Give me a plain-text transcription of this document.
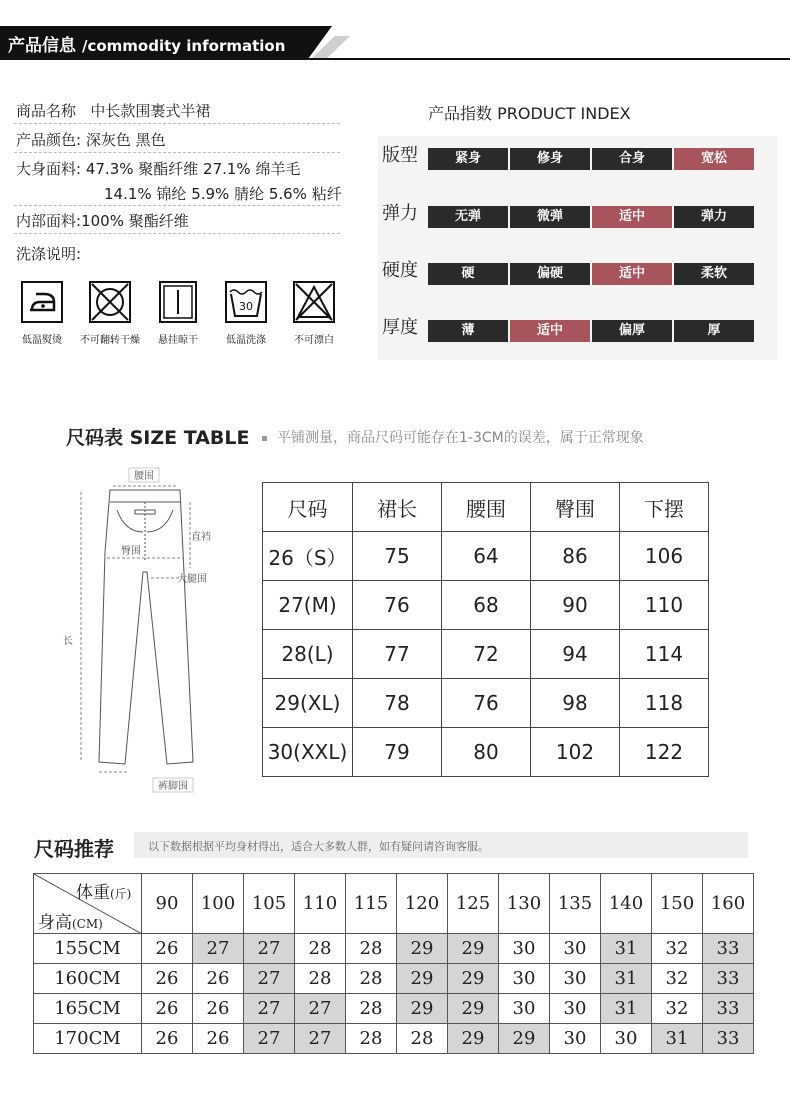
产品信息 /commodity information
商品名称 中长款围裹式半裙
产品颜色: 深灰色 黑色
大身面料: 47.3% 聚酯纤维 27.1% 绵羊毛
14.1% 锦纶 5.9% 腈纶 5.6% 粘纤
内部面料:100% 聚酯纤维
洗涤说明:
低温熨烫	不可翻转干燥	悬挂晾干
30
低温洗涤	不可漂白
产品指数 PRODUCT INDEX
版型	紧身	修身	合身	宽松
弹力	无弹	微弹	适中	弹力
硬度	硬	偏硬	适中	柔软
厚度	薄	适中	偏厚	厚
尺码表 SIZE TABLE	平铺测量，商品尺码可能存在1-3CM的误差，属于正常现象
腰围
直裆
臀围
大腿围
长
裤脚围
尺码	裙长	腰围	臀围	下摆
26（S）	75	64	86	106
27(M)	76	68	90	110
28(L)	77	72	94	114
29(XL)	78	76	98	118
30(XXL)	79	80	102	122
尺码推荐	以下数据根据平均身材得出，适合大多数人群，如有疑问请咨询客服。
体重(斤)
身高(CM)	90	100	105	110	115	120	125	130	135	140	150	160
155CM	26	27	27	28	28	29	29	30	30	31	32	33
160CM	26	26	27	28	28	29	29	30	30	31	32	33
165CM	26	26	27	27	28	29	29	30	30	31	32	33
170CM	26	26	27	27	28	28	29	29	30	30	31	33
